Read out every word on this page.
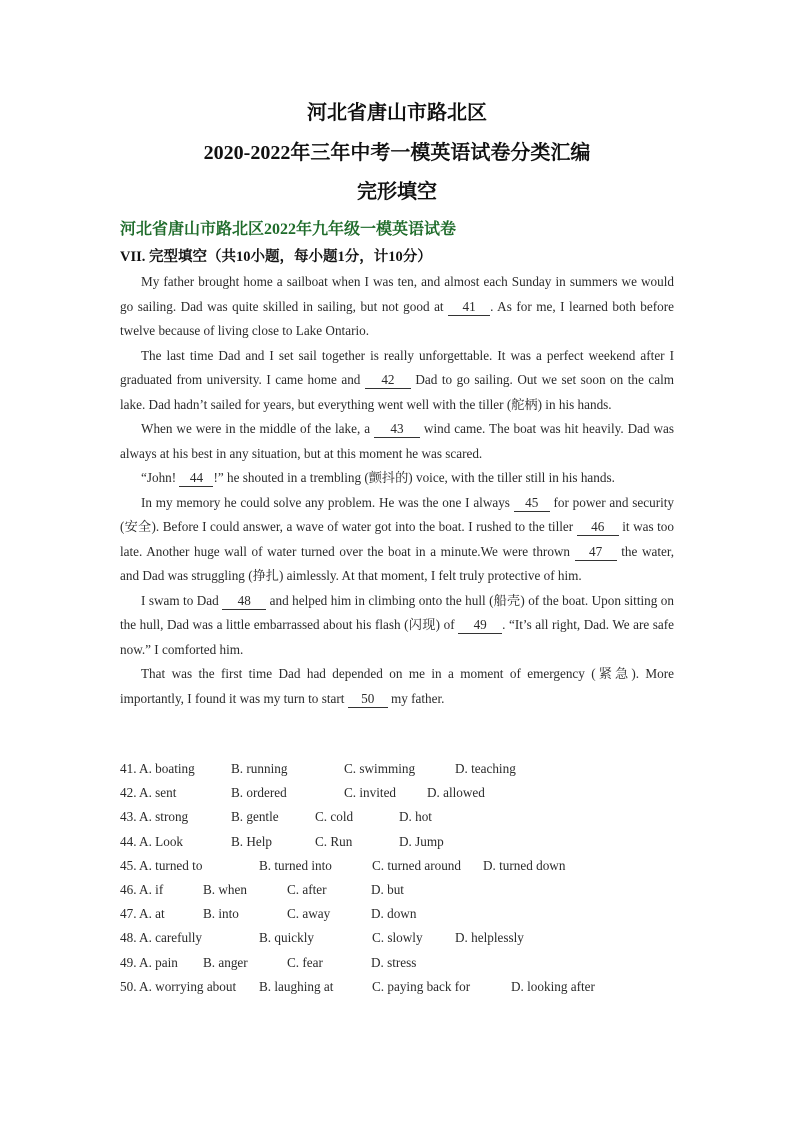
河北省唐山市路北区
2020-2022年三年中考一模英语试卷分类汇编
完形填空
河北省唐山市路北区2022年九年级一模英语试卷
VII. 完型填空（共10小题，每小题1分，计10分）

My father brought home a sailboat when I was ten, and almost each Sunday in summers we would go sailing. Dad was quite skilled in sailing, but not good at 41 . As for me, I learned both before twelve because of living close to Lake Ontario.

The last time Dad and I set sail together is really unforgettable. It was a perfect weekend after I graduated from university. I came home and 42 Dad to go sailing. Out we set soon on the calm lake. Dad hadn’t sailed for years, but everything went well with the tiller (舵柄) in his hands.

When we were in the middle of the lake, a 43 wind came. The boat was hit heavily. Dad was always at his best in any situation, but at this moment he was scared.

“John! 44 !” he shouted in a trembling (颤抖的) voice, with the tiller still in his hands.

In my memory he could solve any problem. He was the one I always 45 for power and security (安全). Before I could answer, a wave of water got into the boat. I rushed to the tiller 46 it was too late. Another huge wall of water turned over the boat in a minute.We were thrown 47 the water, and Dad was struggling (挣扎) aimlessly. At that moment, I felt truly protective of him.

I swam to Dad 48 and helped him in climbing onto the hull (船壳) of the boat. Upon sitting on the hull, Dad was a little embarrassed about his flash (闪现) of 49 . “It’s all right, Dad. We are safe now.” I comforted him.

That was the first time Dad had depended on me in a moment of emergency (紧急). More importantly, I found it was my turn to start 50 my father.

41. A. boating	B. running	C. swimming	D. teaching
42. A. sent	B. ordered	C. invited D. allowed
43. A. strong	B. gentle	C. cold	D. hot
44. A. Look	B. Help	C. Run	D. Jump
45. A. turned to	B. turned into	C. turned around D. turned down
46. A. if	B. when	C. after	D. but
47. A. at	B. into	C. away	D. down
48. A. carefully	B. quickly	C. slowly D. helplessly
49. A. pain B. anger	C. fear	D. stress
50. A. worrying about B. laughing at	C. paying back for	D. looking after
